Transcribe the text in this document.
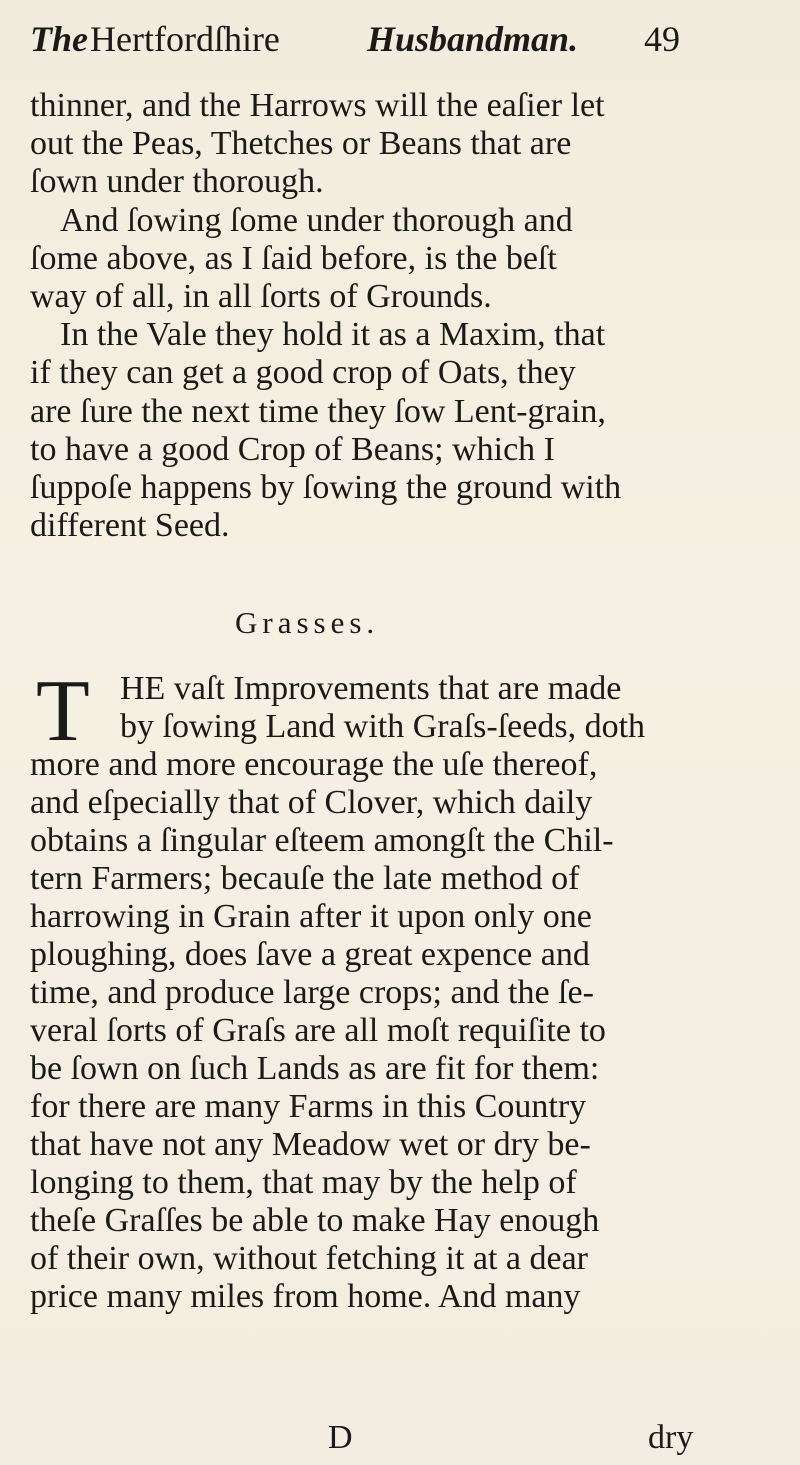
The Hertfordſhire Husbandman. 49
thinner, and the Harrows will the eaſier let
out the Peas, Thetches or Beans that are
ſown under thorough.
And ſowing ſome under thorough and
ſome above, as I ſaid before, is the beſt
way of all, in all ſorts of Grounds.
In the Vale they hold it as a Maxim, that
if they can get a good crop of Oats, they
are ſure the next time they ſow Lent-grain,
to have a good Crop of Beans; which I
ſuppoſe happens by ſowing the ground with
different Seed.
Grasses.
T HE vaſt Improvements that are made
by ſowing Land with Graſs-ſeeds, doth
more and more encourage the uſe thereof,
and eſpecially that of Clover, which daily
obtains a ſingular eſteem amongſt the Chil-
tern Farmers; becauſe the late method of
harrowing in Grain after it upon only one
ploughing, does ſave a great expence and
time, and produce large crops; and the ſe-
veral ſorts of Graſs are all moſt requiſite to
be ſown on ſuch Lands as are fit for them:
for there are many Farms in this Country
that have not any Meadow wet or dry be-
longing to them, that may by the help of
theſe Graſſes be able to make Hay enough
of their own, without fetching it at a dear
price many miles from home. And many
D	dry
